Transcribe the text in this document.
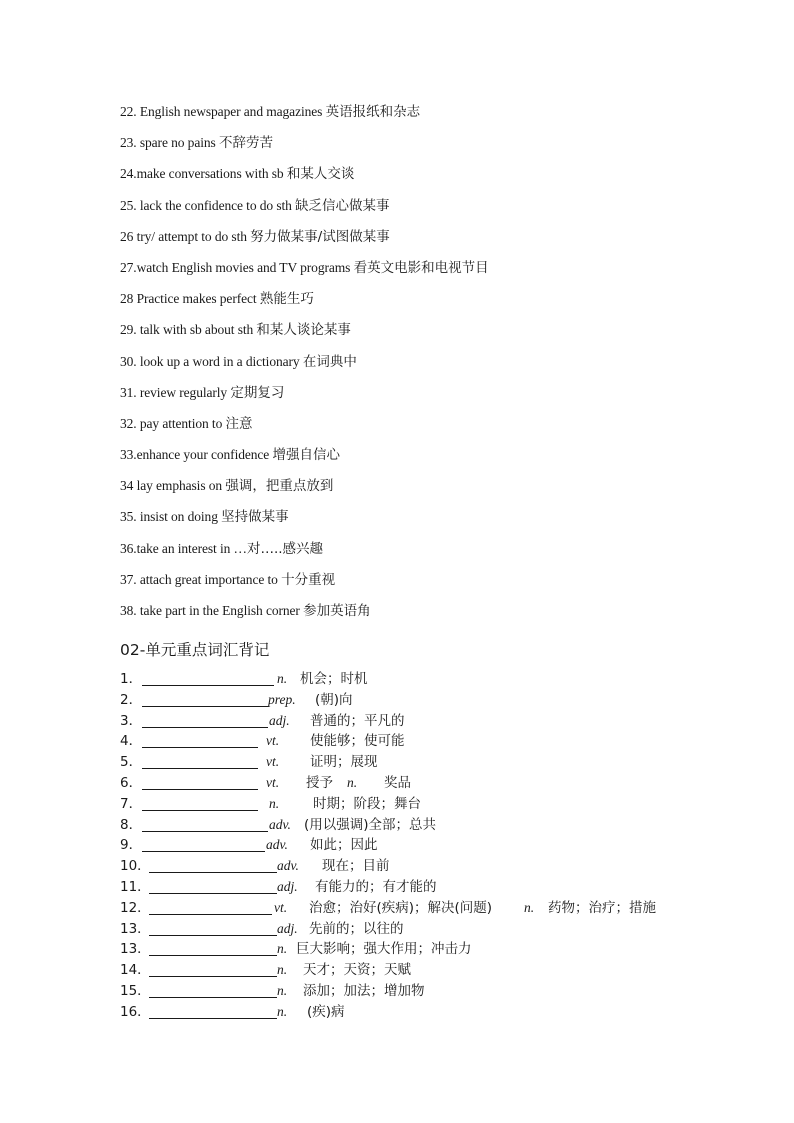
22. English newspaper and magazines 英语报纸和杂志
23. spare no pains 不辞劳苦
24.make conversations with sb 和某人交谈
25. lack the confidence to do sth 缺乏信心做某事
26 try/ attempt to do sth 努力做某事/试图做某事
27.watch English movies and TV programs 看英文电影和电视节目
28 Practice makes perfect 熟能生巧
29. talk with sb about sth 和某人谈论某事
30. look up a word in a dictionary 在词典中
31. review regularly 定期复习
32. pay attention to 注意
33.enhance your confidence 增强自信心
34 lay emphasis on 强调，把重点放到
35. insist on doing 坚持做某事
36.take an interest in …对…..感兴趣
37. attach great importance to 十分重视
38. take part in the English corner 参加英语角
02-单元重点词汇背记
1．	n. 机会；时机
2．	prep. (朝)向
3．	adj. 普通的；平凡的
4．	vt. 使能够；使可能
5．	vt. 证明；展现
6．	vt. 授予 n. 奖品
7．	n.	时期；阶段；舞台
8．	adv. (用以强调)全部；总共
9．	adv. 如此；因此
10．	adv. 现在；目前
11．	adj. 有能力的；有才能的
12．	vt. 治愈；治好(疾病)；解决(问题) n. 药物；治疗；措施
13．	adj. 先前的；以往的
13．	n. 巨大影响；强大作用；冲击力
14．	n. 天才；天资；天赋
15．	n. 添加；加法；增加物
16．	n. (疾)病
